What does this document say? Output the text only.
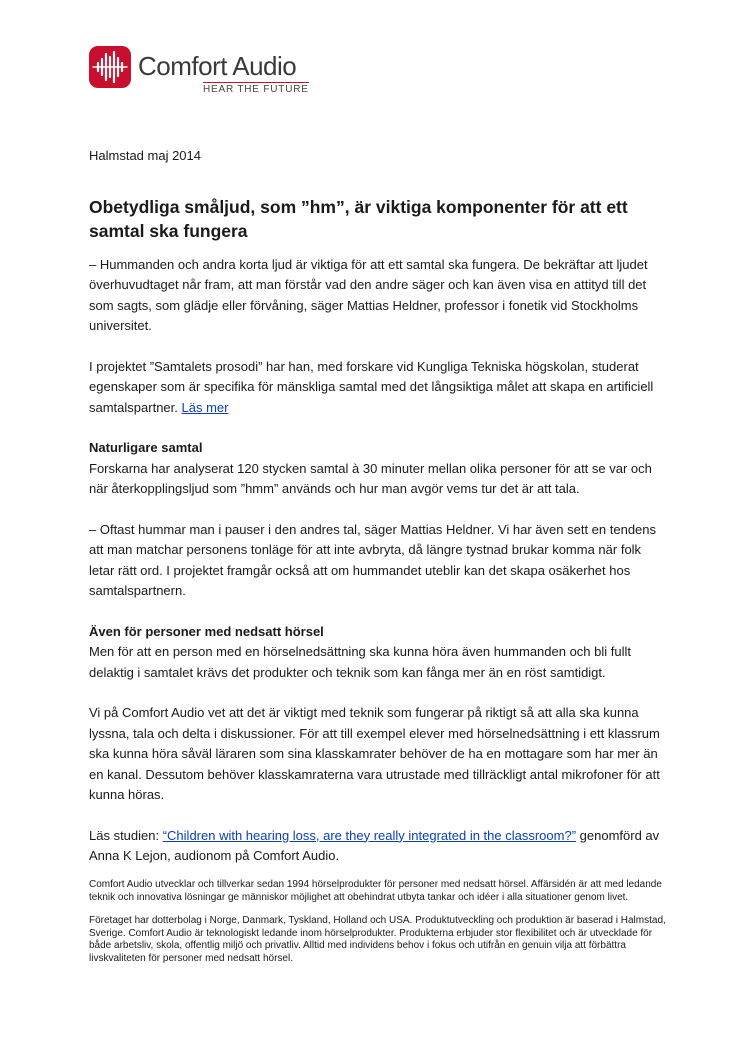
Comfort Audio
HEAR THE FUTURE

Halmstad maj 2014

Obetydliga småljud, som ”hm”, är viktiga komponenter för att ett samtal ska fungera

– Hummanden och andra korta ljud är viktiga för att ett samtal ska fungera. De bekräftar att ljudet överhuvudtaget når fram, att man förstår vad den andre säger och kan även visa en attityd till det som sagts, som glädje eller förvåning, säger Mattias Heldner, professor i fonetik vid Stockholms universitet.

I projektet ”Samtalets prosodi” har han, med forskare vid Kungliga Tekniska högskolan, studerat egenskaper som är specifika för mänskliga samtal med det långsiktiga målet att skapa en artificiell samtalspartner. Läs mer

Naturligare samtal
Forskarna har analyserat 120 stycken samtal à 30 minuter mellan olika personer för att se var och när återkopplingsljud som ”hmm” används och hur man avgör vems tur det är att tala.

– Oftast hummar man i pauser i den andres tal, säger Mattias Heldner. Vi har även sett en tendens att man matchar personens tonläge för att inte avbryta, då längre tystnad brukar komma när folk letar rätt ord. I projektet framgår också att om hummandet uteblir kan det skapa osäkerhet hos samtalspartnern.

Även för personer med nedsatt hörsel
Men för att en person med en hörselnedsättning ska kunna höra även hummanden och bli fullt delaktig i samtalet krävs det produkter och teknik som kan fånga mer än en röst samtidigt.

Vi på Comfort Audio vet att det är viktigt med teknik som fungerar på riktigt så att alla ska kunna lyssna, tala och delta i diskussioner. För att till exempel elever med hörselnedsättning i ett klassrum ska kunna höra såväl läraren som sina klasskamrater behöver de ha en mottagare som har mer än en kanal. Dessutom behöver klasskamraterna vara utrustade med tillräckligt antal mikrofoner för att kunna höras.

Läs studien: “Children with hearing loss, are they really integrated in the classroom?” genomförd av Anna K Lejon, audionom på Comfort Audio.

Comfort Audio utvecklar och tillverkar sedan 1994 hörselprodukter för personer med nedsatt hörsel. Affärsidén är att med ledande teknik och innovativa lösningar ge människor möjlighet att obehindrat utbyta tankar och idéer i alla situationer genom livet.

Företaget har dotterbolag i Norge, Danmark, Tyskland, Holland och USA. Produktutveckling och produktion är baserad i Halmstad, Sverige. Comfort Audio är teknologiskt ledande inom hörselprodukter. Produkterna erbjuder stor flexibilitet och är utvecklade för både arbetsliv, skola, offentlig miljö och privatliv. Alltid med individens behov i fokus och utifrån en genuin vilja att förbättra livskvaliteten för personer med nedsatt hörsel.
